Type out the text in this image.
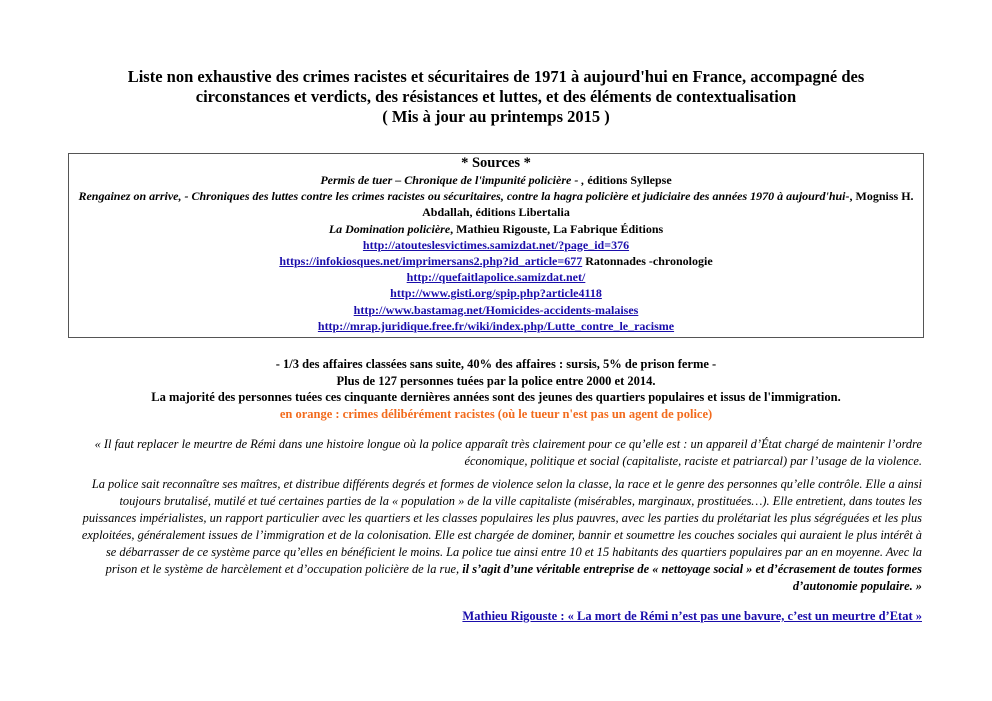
Liste non exhaustive des crimes racistes et sécuritaires de 1971 à aujourd'hui en France, accompagné des
circonstances et verdicts, des résistances et luttes, et des éléments de contextualisation
( Mis à jour au printemps 2015 )
* Sources *
Permis de tuer – Chronique de l'impunité policière - , éditions Syllepse
Rengainez on arrive, - Chroniques des luttes contre les crimes racistes ou sécuritaires, contre la hagra policière et judiciaire des années 1970 à aujourd'hui-, Mogniss H. Abdallah, éditions Libertalia
La Domination policière, Mathieu Rigouste, La Fabrique Éditions
http://atouteslesvictimes.samizdat.net/?page_id=376
https://infokiosques.net/imprimersans2.php?id_article=677 Ratonnades -chronologie
http://quefaitlapolice.samizdat.net/
http://www.gisti.org/spip.php?article4118
http://www.bastamag.net/Homicides-accidents-malaises
http://mrap.juridique.free.fr/wiki/index.php/Lutte_contre_le_racisme
- 1/3 des affaires classées sans suite, 40% des affaires : sursis, 5% de prison ferme -
Plus de 127 personnes tuées par la police entre 2000 et 2014.
La majorité des personnes tuées ces cinquante dernières années sont des jeunes des quartiers populaires et issus de l'immigration.
en orange : crimes délibérément racistes (où le tueur n'est pas un agent de police)
« Il faut replacer le meurtre de Rémi dans une histoire longue où la police apparaît très clairement pour ce qu’elle est : un appareil d’État chargé de maintenir l’ordre économique, politique et social (capitaliste, raciste et patriarcal) par l’usage de la violence.
La police sait reconnaître ses maîtres, et distribue différents degrés et formes de violence selon la classe, la race et le genre des personnes qu’elle contrôle. Elle a ainsi toujours brutalisé, mutilé et tué certaines parties de la « population » de la ville capitaliste (misérables, marginaux, prostituées…). Elle entretient, dans toutes les puissances impérialistes, un rapport particulier avec les quartiers et les classes populaires les plus pauvres, avec les parties du prolétariat les plus ségréguées et les plus exploitées, généralement issues de l’immigration et de la colonisation. Elle est chargée de dominer, bannir et soumettre les couches sociales qui auraient le plus intérêt à se débarrasser de ce système parce qu’elles en bénéficient le moins. La police tue ainsi entre 10 et 15 habitants des quartiers populaires par an en moyenne. Avec la prison et le système de harcèlement et d’occupation policière de la rue, il s’agit d’une véritable entreprise de « nettoyage social » et d’écrasement de toutes formes d’autonomie populaire. »
Mathieu Rigouste : « La mort de Rémi n’est pas une bavure, c’est un meurtre d’Etat »
